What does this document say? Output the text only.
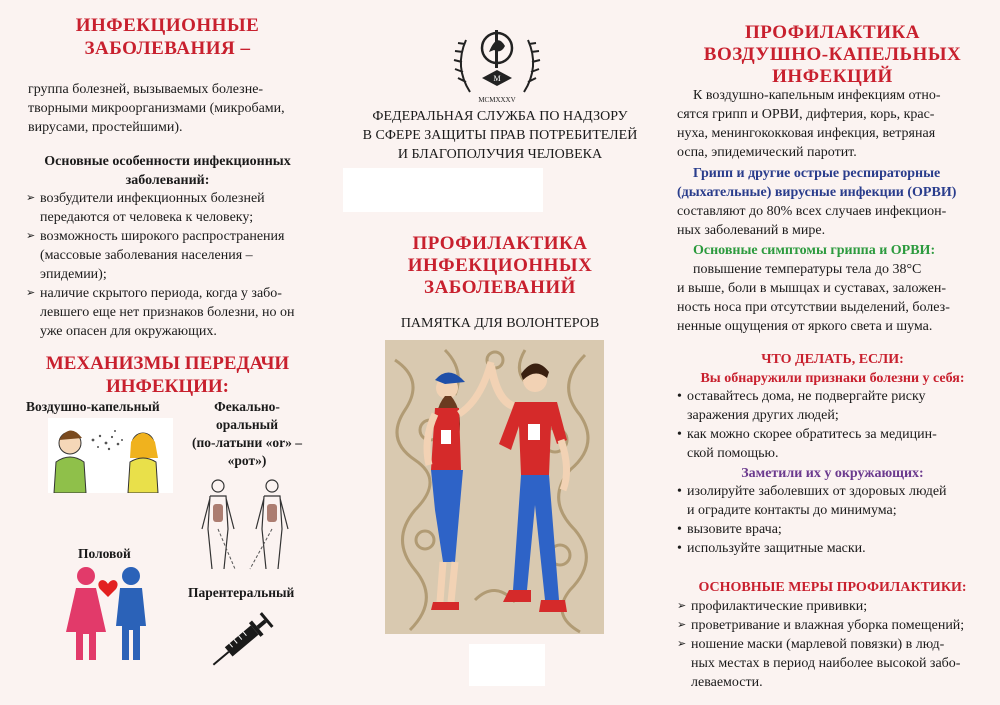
ИНФЕКЦИОННЫЕ
ЗАБОЛЕВАНИЯ –
группа болезней, вызываемых болезне-
творными микроорганизмами (микробами,
вирусами, простейшими).
Основные особенности инфекционных
заболеваний:
➢ возбудители инфекционных болезней
передаются от человека к человеку;
➢ возможность широкого распространения
(массовые заболевания населения –
эпидемии);
➢ наличие скрытого периода, когда у забо-
левшего еще нет признаков болезни, но он
уже опасен для окружающих.
МЕХАНИЗМЫ ПЕРЕДАЧИ
ИНФЕКЦИИ:
Воздушно-капельный	Фекально-
оральный
(по-латыни «or» –
«рот»)
Половой
Парентеральный
М
MCMXXXV
ФЕДЕРАЛЬНАЯ СЛУЖБА ПО НАДЗОРУ
В СФЕРЕ ЗАЩИТЫ ПРАВ ПОТРЕБИТЕЛЕЙ
И БЛАГОПОЛУЧИЯ ЧЕЛОВЕКА
ПРОФИЛАКТИКА
ИНФЕКЦИОННЫХ
ЗАБОЛЕВАНИЙ
ПАМЯТКА ДЛЯ ВОЛОНТЕРОВ
ПРОФИЛАКТИКА
ВОЗДУШНО-КАПЕЛЬНЫХ
ИНФЕКЦИЙ
К воздушно-капельным инфекциям отно-
сятся грипп и ОРВИ, дифтерия, корь, крас-
нуха, менингококковая инфекция, ветряная
оспа, эпидемический паротит.
Грипп и другие острые респираторные
(дыхательные) вирусные инфекции (ОРВИ)
составляют до 80% всех случаев инфекцион-
ных заболеваний в мире.
Основные симптомы гриппа и ОРВИ:
повышение температуры тела до 38°С
и выше, боли в мышцах и суставах, заложен-
ность носа при отсутствии выделений, болез-
ненные ощущения от яркого света и шума.
ЧТО ДЕЛАТЬ, ЕСЛИ:
Вы обнаружили признаки болезни у себя:
• оставайтесь дома, не подвергайте риску
заражения других людей;
• как можно скорее обратитесь за медицин-
ской помощью.
Заметили их у окружающих:
• изолируйте заболевших от здоровых людей
и оградите контакты до минимума;
• вызовите врача;
• используйте защитные маски.
ОСНОВНЫЕ МЕРЫ ПРОФИЛАКТИКИ:
➢ профилактические прививки;
➢ проветривание и влажная уборка помещений;
➢ ношение маски (марлевой повязки) в люд-
ных местах в период наиболее высокой забо-
леваемости.
